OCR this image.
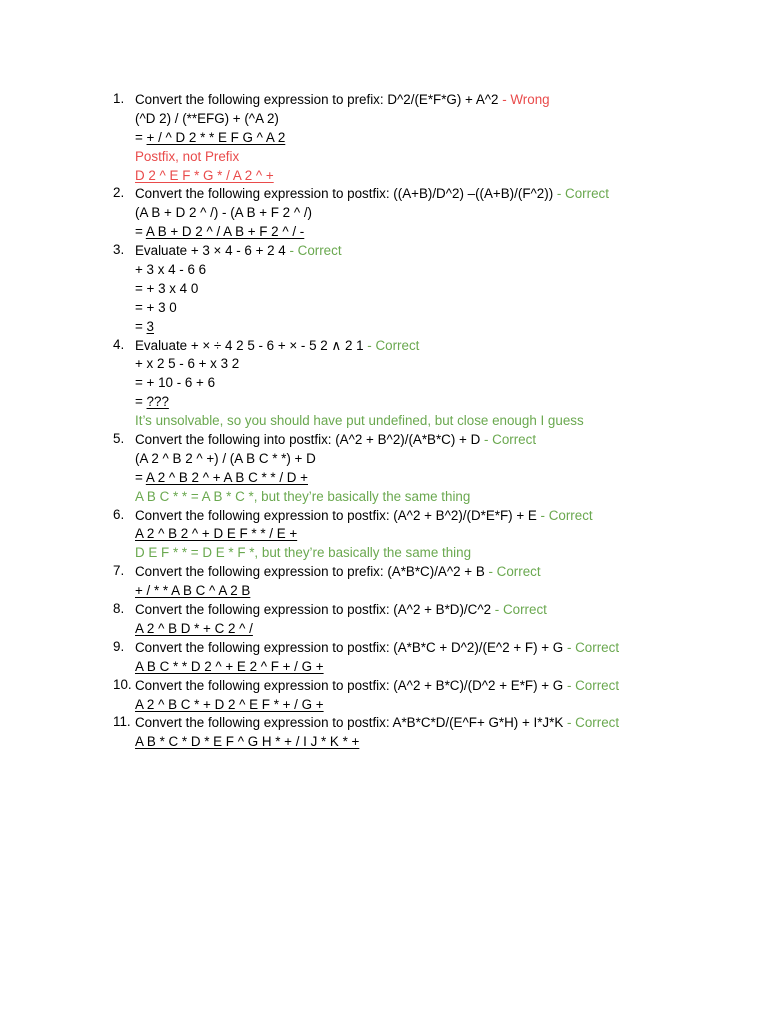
1. Convert the following expression to prefix: D^2/(E*F*G) + A^2 - Wrong
(^D 2) / (**EFG) + (^A 2)
= + / ^ D 2 * * E F G ^ A 2
Postfix, not Prefix
D 2 ^ E F * G * / A 2 ^ +
2. Convert the following expression to postfix: ((A+B)/D^2) –((A+B)/(F^2)) - Correct
(A B + D 2 ^ /) - (A B + F 2 ^ /)
= A B + D 2 ^ / A B + F 2 ^ / -
3. Evaluate + 3 × 4 - 6 + 2 4 - Correct
+ 3 x 4 - 6 6
= + 3 x 4 0
= + 3 0
= 3
4. Evaluate + × ÷ 4 2 5 - 6 + × - 5 2 ∧ 2 1 - Correct
+ x 2 5 - 6 + x 3 2
= + 10 - 6 + 6
= ???
It’s unsolvable, so you should have put undefined, but close enough I guess
5. Convert the following into postfix: (A^2 + B^2)/(A*B*C) + D - Correct
(A 2 ^ B 2 ^ +) / (A B C * *) + D
= A 2 ^ B 2 ^ + A B C * * / D +
A B C * * = A B * C *, but they’re basically the same thing
6. Convert the following expression to postfix: (A^2 + B^2)/(D*E*F) + E - Correct
A 2 ^ B 2 ^ + D E F * * / E +
D E F * * = D E * F *, but they’re basically the same thing
7. Convert the following expression to prefix: (A*B*C)/A^2 + B - Correct
+ / * * A B C ^ A 2 B
8. Convert the following expression to postfix: (A^2 + B*D)/C^2 - Correct
A 2 ^ B D * + C 2 ^ /
9. Convert the following expression to postfix: (A*B*C + D^2)/(E^2 + F) + G - Correct
A B C * * D 2 ^ + E 2 ^ F + / G +
10. Convert the following expression to postfix: (A^2 + B*C)/(D^2 + E*F) + G - Correct
A 2 ^ B C * + D 2 ^ E F * + / G +
11. Convert the following expression to postfix: A*B*C*D/(E^F+ G*H) + I*J*K - Correct
A B * C * D * E F ^ G H * + / I J * K * +
